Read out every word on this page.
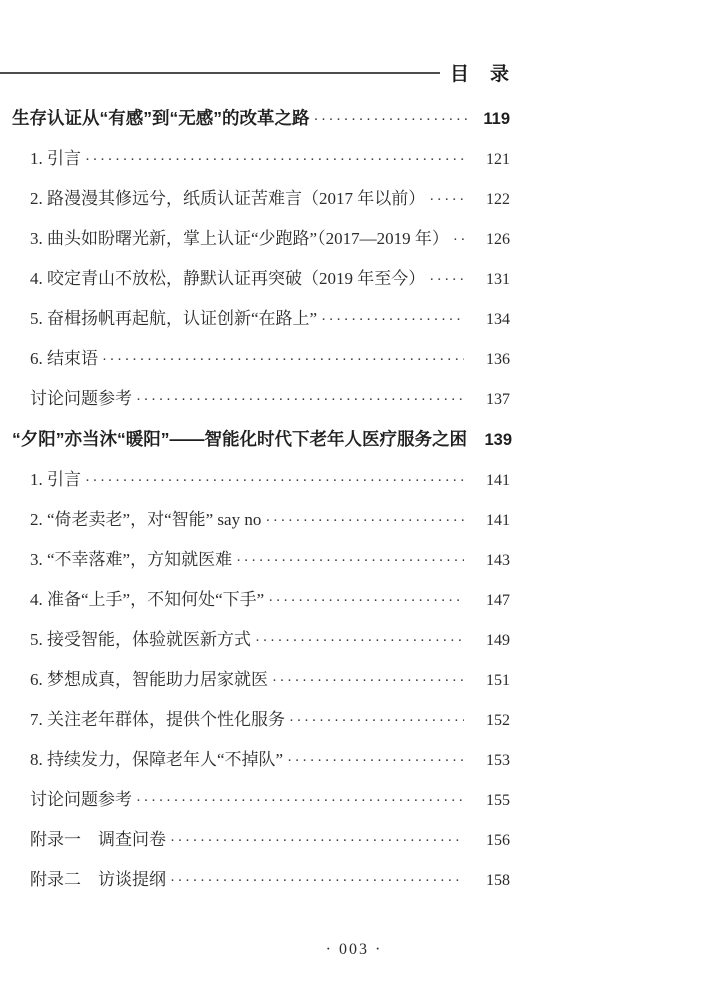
目　录
生存认证从“有感”到“无感”的改革之路 ·····	119
1. 引言 ·····	121
2. 路漫漫其修远兮，纸质认证苦难言（2017 年以前） ·····	122
3. 曲头如盼曙光新，掌上认证“少跑路”（2017—2019 年） ·····	126
4. 咬定青山不放松，静默认证再突破（2019 年至今） ·····	131
5. 奋楫扬帆再起航，认证创新“在路上” ·····	134
6. 结束语 ·····	136
讨论问题参考 ·····	137
“夕阳”亦当沐“暖阳”——智能化时代下老年人医疗服务之困	139
1. 引言 ·····	141
2. “倚老卖老”，对“智能” say no ·····	141
3. “不幸落难”，方知就医难 ·····	143
4. 准备“上手”，不知何处“下手” ·····	147
5. 接受智能，体验就医新方式 ·····	149
6. 梦想成真，智能助力居家就医 ·····	151
7. 关注老年群体，提供个性化服务 ·····	152
8. 持续发力，保障老年人“不掉队” ·····	153
讨论问题参考 ·····	155
附录一　调查问卷 ·····	156
附录二　访谈提纲 ·····	158
· 003 ·
